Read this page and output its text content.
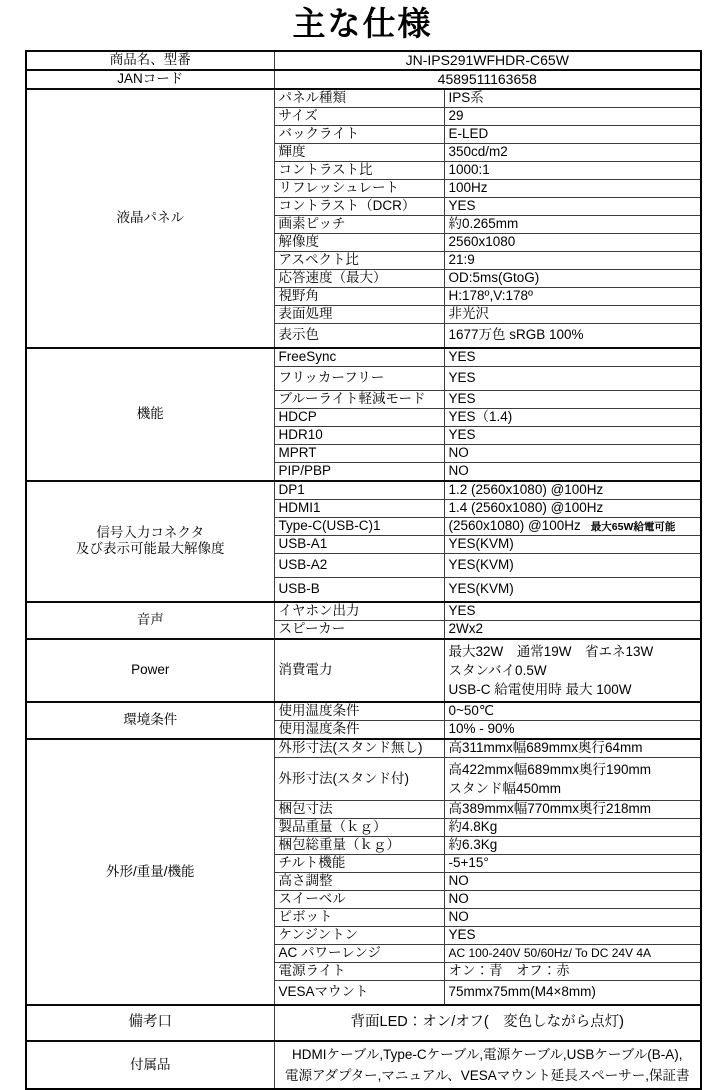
主な仕様
商品名、型番	JN-IPS291WFHDR-C65W	
JANコード	4589511163658	
液晶パネル	パネル種類	IPS系
	サイズ	29
	バックライト	E-LED
	輝度	350cd/m2
	コントラスト比	1000:1
	リフレッシュレート	100Hz
	コントラスト（DCR）	YES
	画素ピッチ	約0.265mm
	解像度	2560x1080
	アスペクト比	21:9
	応答速度（最大）	OD:5ms(GtoG)
	視野角	H:178º,V:178º
	表面処理	非光沢
	表示色	1677万色 sRGB 100%
機能	FreeSync	YES
	フリッカーフリー	YES
	ブルーライト軽減モード	YES
	HDCP	YES（1.4)
	HDR10	YES
	MPRT	NO
	PIP/PBP	NO

信号入力コネクタ
及び表示可能最大解像度	DP1	1.2 (2560x1080) @100Hz
	HDMI1	1.4 (2560x1080) @100Hz
	Type-C(USB-C)1	(2560x1080) @100Hz 最大65W給電可能
	USB-A1	YES(KVM)
	USB-A2	YES(KVM)
	USB-B	YES(KVM)
音声	イヤホン出力	YES
	スピーカー	2Wx2
Power	消費電力	最大32W　通常19W　省エネ13W
スタンバイ0.5W
USB-C 給電使用時 最大 100W

環境条件	使用温度条件	0~50℃
	使用湿度条件	10% - 90%
外形/重量/機能	外形寸法(スタンド無し)	高311mmx幅689mmx奥行64mm
	外形寸法(スタンド付)	高422mmx幅689mmx奥行190mm
スタンド幅450mm

	梱包寸法	高389mmx幅770mmx奥行218mm
	製品重量（ｋｇ）	約4.8Kg
	梱包総重量（ｋｇ）	約6.3Kg
	チルト機能	-5+15°
	高さ調整	NO
	スイーベル	NO
	ピボット	NO
	ケンジントン	YES
	AC パワーレンジ	AC 100-240V 50/60Hz/ To DC 24V 4A
	電源ライト	オン：青　オフ：赤
	VESAマウント	75mmx75mm(M4×8mm)
備考口	背面LED：オン/オフ(　変色しながら点灯)	
付属品	HDMIケーブル,Type-Cケーブル,電源ケーブル,USBケーブル(B-A),
電源アダプター,マニュアル、VESAマウント延長スペーサー,保証書	
